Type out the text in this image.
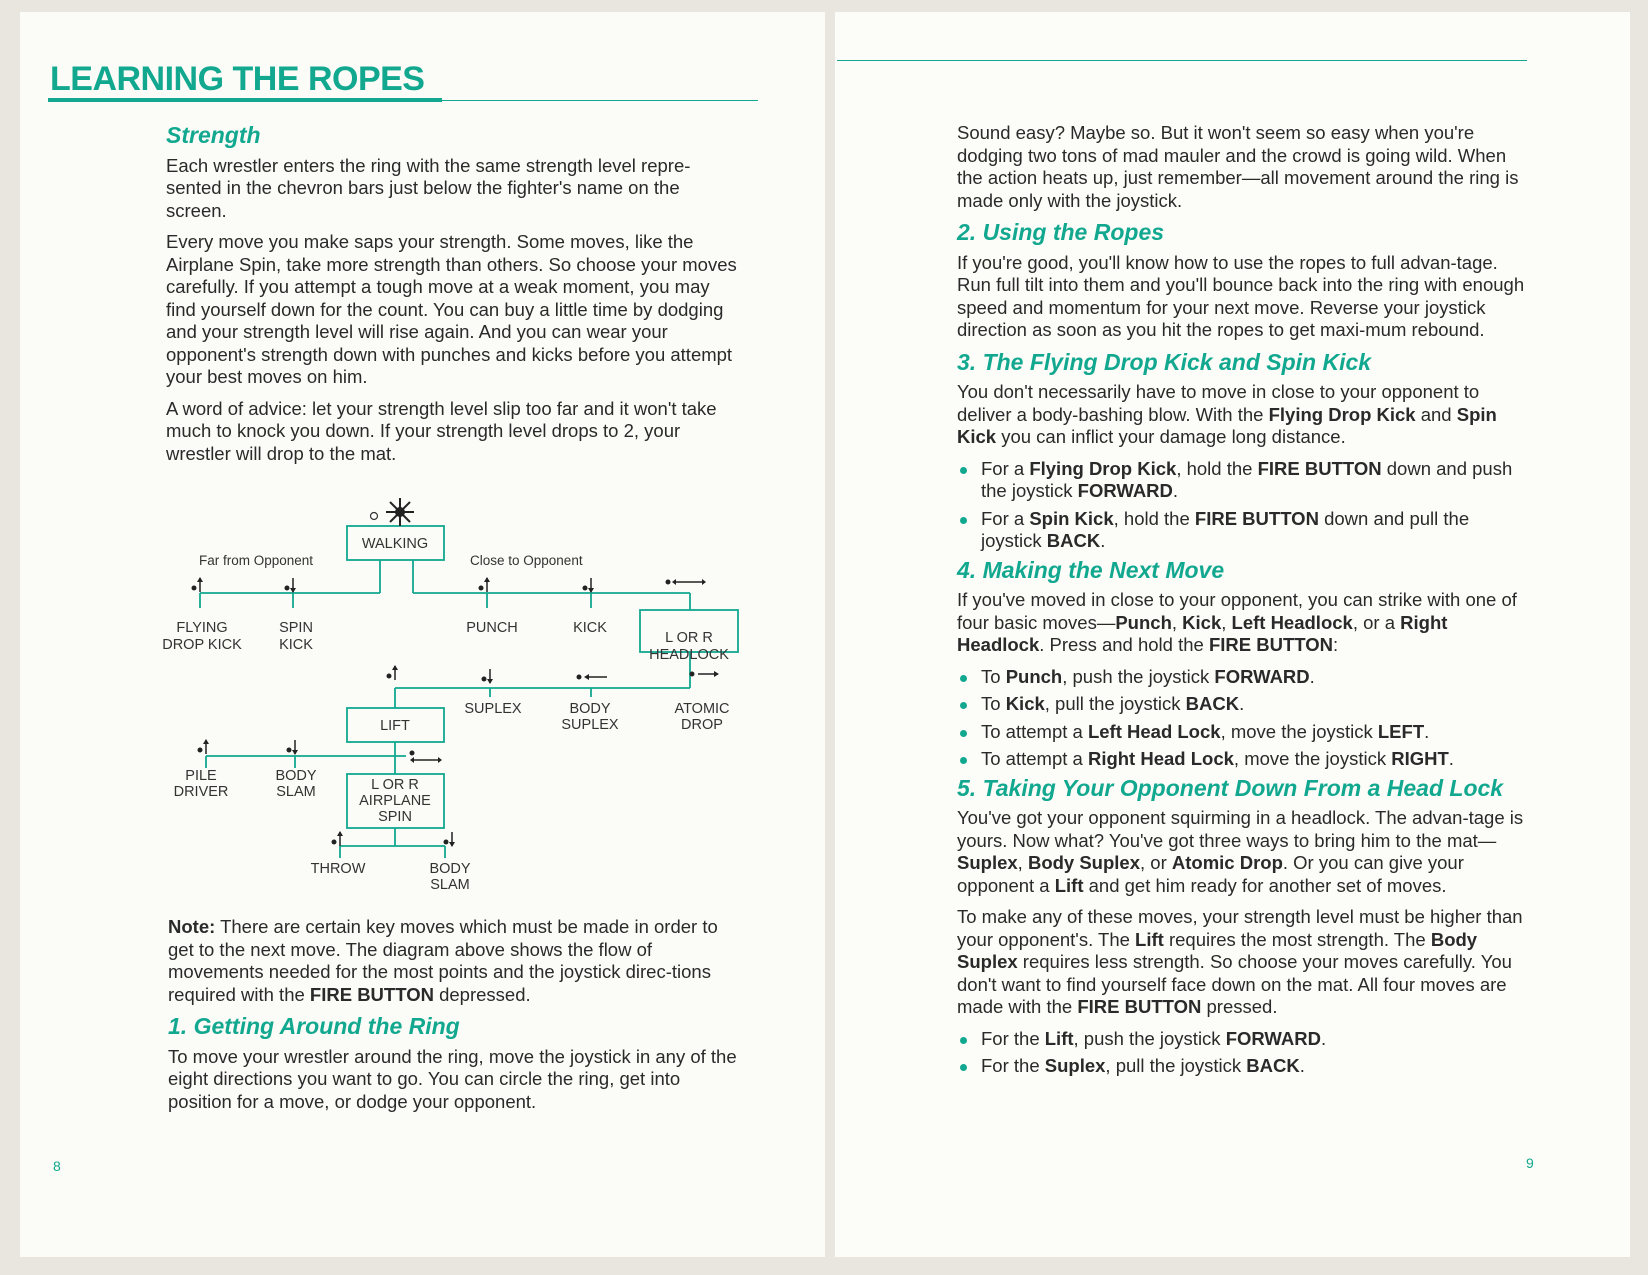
LEARNING THE ROPES
Strength

Each wrestler enters the ring with the same strength level repre-sented in the chevron bars just below the fighter's name on the screen.

Every move you make saps your strength. Some moves, like the Airplane Spin, take more strength than others. So choose your moves carefully. If you attempt a tough move at a weak moment, you may find yourself down for the count. You can buy a little time by dodging and your strength level will rise again. And you can wear your opponent's strength down with punches and kicks before you attempt your best moves on him.

A word of advice: let your strength level slip too far and it won't take much to knock you down. If your strength level drops to 2, your wrestler will drop to the mat.

Far from Opponent	Close to Opponent
WALKING
FLYING
DROP KICK
SPIN
KICK
PUNCH	KICK
L OR R
HEADLOCK
SUPLEX	BODY
SUPLEX
ATOMIC
DROP
LIFT
PILE
DRIVER
BODY
SLAM	L OR R
AIRPLANE
SPIN
THROW	BODY
SLAM

Note: There are certain key moves which must be made in order to get to the next move. The diagram above shows the flow of movements needed for the most points and the joystick direc-tions required with the FIRE BUTTON depressed.

1. Getting Around the Ring

To move your wrestler around the ring, move the joystick in any of the eight directions you want to go. You can circle the ring, get into position for a move, or dodge your opponent.

8

Sound easy? Maybe so. But it won't seem so easy when you're dodging two tons of mad mauler and the crowd is going wild. When the action heats up, just remember—all movement around the ring is made only with the joystick.

2. Using the Ropes

If you're good, you'll know how to use the ropes to full advan-tage. Run full tilt into them and you'll bounce back into the ring with enough speed and momentum for your next move. Reverse your joystick direction as soon as you hit the ropes to get maxi-mum rebound.

3. The Flying Drop Kick and Spin Kick

You don't necessarily have to move in close to your opponent to deliver a body-bashing blow. With the Flying Drop Kick and Spin Kick you can inflict your damage long distance.

For a Flying Drop Kick, hold the FIRE BUTTON down and push the joystick FORWARD.
For a Spin Kick, hold the FIRE BUTTON down and pull the joystick BACK.
4. Making the Next Move

If you've moved in close to your opponent, you can strike with one of four basic moves—Punch, Kick, Left Headlock, or a Right Headlock. Press and hold the FIRE BUTTON:

To Punch, push the joystick FORWARD.
To Kick, pull the joystick BACK.
To attempt a Left Head Lock, move the joystick LEFT.
To attempt a Right Head Lock, move the joystick RIGHT.
5. Taking Your Opponent Down From a Head Lock

You've got your opponent squirming in a headlock. The advan-tage is yours. Now what? You've got three ways to bring him to the mat—Suplex, Body Suplex, or Atomic Drop. Or you can give your opponent a Lift and get him ready for another set of moves.

To make any of these moves, your strength level must be higher than your opponent's. The Lift requires the most strength. The Body Suplex requires less strength. So choose your moves carefully. You don't want to find yourself face down on the mat. All four moves are made with the FIRE BUTTON pressed.

For the Lift, push the joystick FORWARD.
For the Suplex, pull the joystick BACK.
9
